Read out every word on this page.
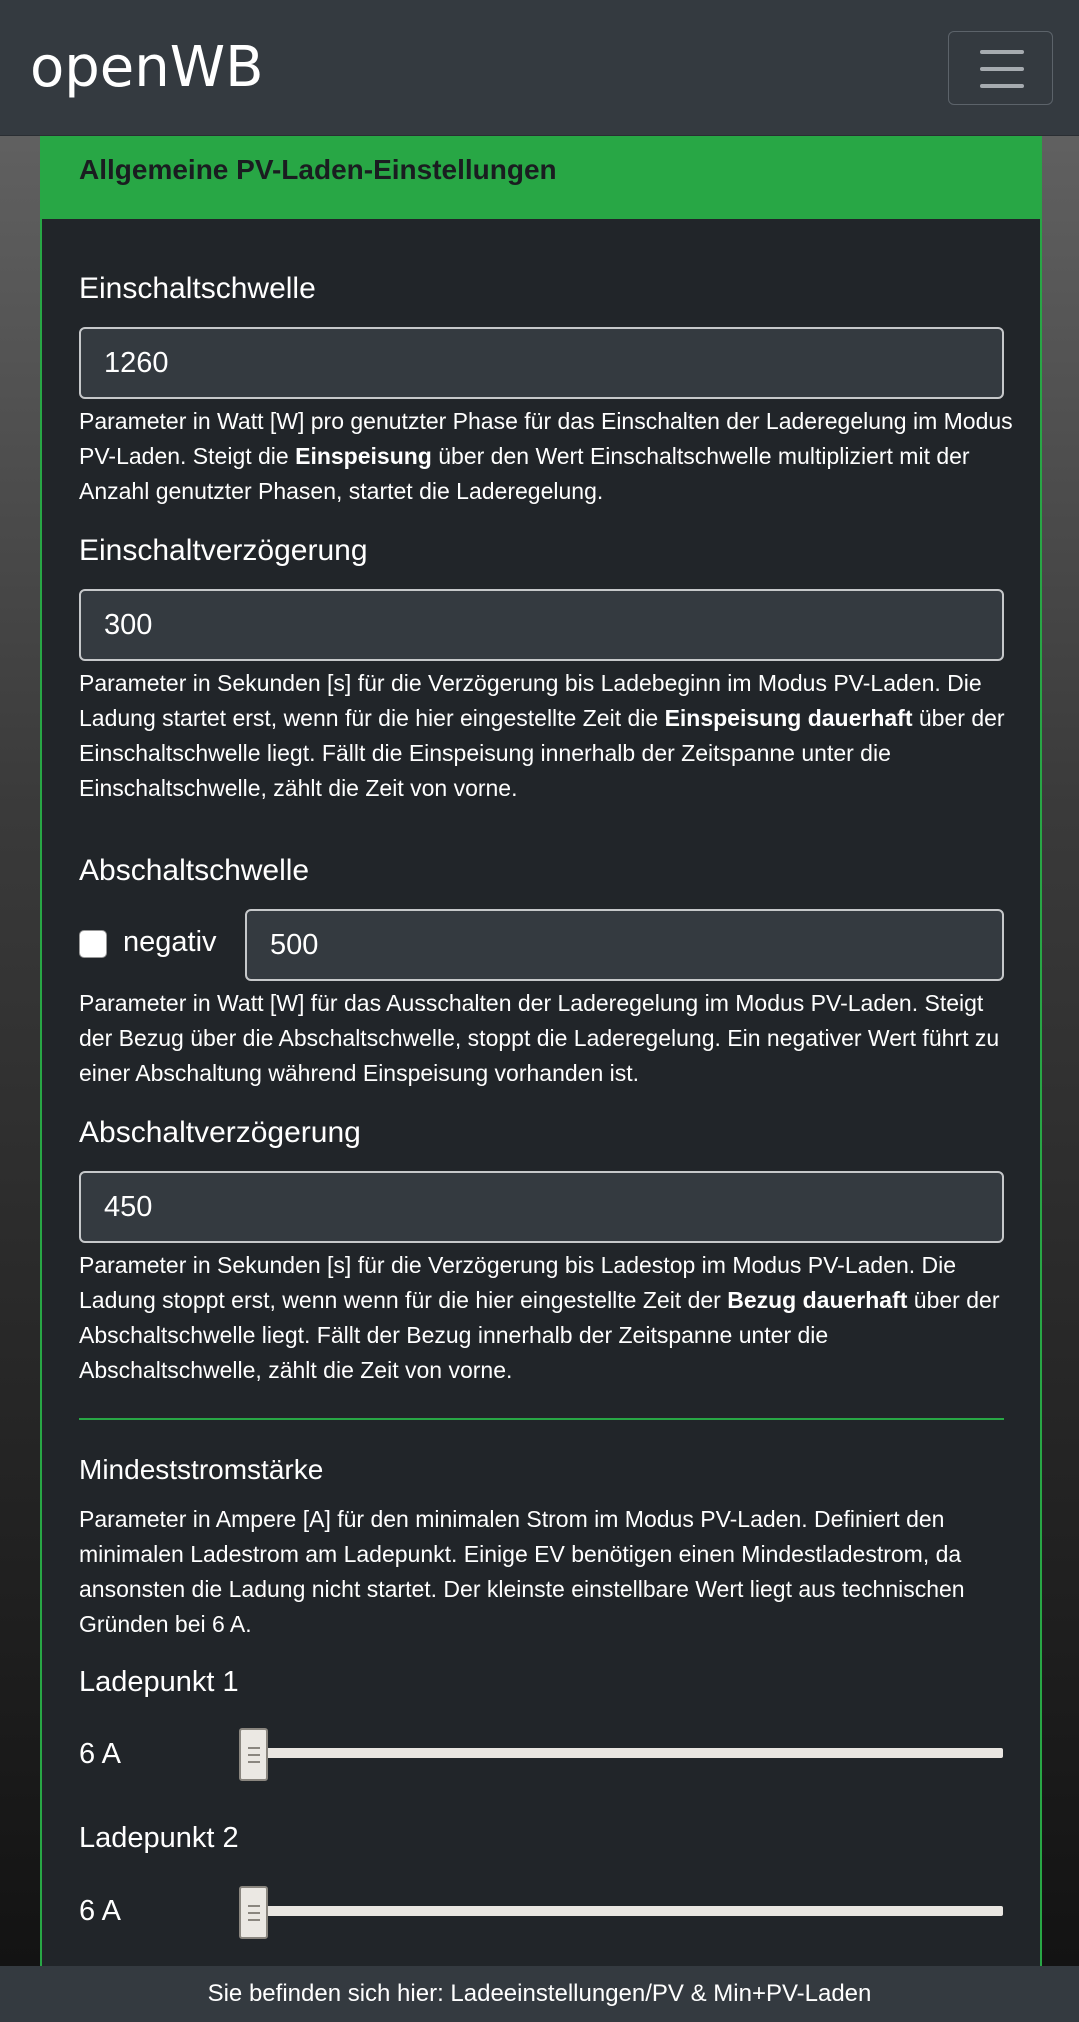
openWB
Allgemeine PV-Laden-Einstellungen
Einschaltschwelle
1260
Parameter in Watt [W] pro genutzter Phase für das Einschalten der Laderegelung im Modus PV-Laden. Steigt die Einspeisung über den Wert Einschaltschwelle multipliziert mit der Anzahl genutzter Phasen, startet die Laderegelung.
Einschaltverzögerung
300
Parameter in Sekunden [s] für die Verzögerung bis Ladebeginn im Modus PV-Laden. Die Ladung startet erst, wenn für die hier eingestellte Zeit die Einspeisung dauerhaft über der Einschaltschwelle liegt. Fällt die Einspeisung innerhalb der Zeitspanne unter die Einschaltschwelle, zählt die Zeit von vorne.
Abschaltschwelle
negativ	500
Parameter in Watt [W] für das Ausschalten der Laderegelung im Modus PV-Laden. Steigt der Bezug über die Abschaltschwelle, stoppt die Laderegelung. Ein negativer Wert führt zu einer Abschaltung während Einspeisung vorhanden ist.
Abschaltverzögerung
450
Parameter in Sekunden [s] für die Verzögerung bis Ladestop im Modus PV-Laden. Die Ladung stoppt erst, wenn wenn für die hier eingestellte Zeit der Bezug dauerhaft über der Abschaltschwelle liegt. Fällt der Bezug innerhalb der Zeitspanne unter die Abschaltschwelle, zählt die Zeit von vorne.
Mindeststromstärke
Parameter in Ampere [A] für den minimalen Strom im Modus PV-Laden. Definiert den minimalen Ladestrom am Ladepunkt. Einige EV benötigen einen Mindestladestrom, da ansonsten die Ladung nicht startet. Der kleinste einstellbare Wert liegt aus technischen Gründen bei 6 A.
Ladepunkt 1
6 A
Ladepunkt 2
6 A
Sie befinden sich hier: Ladeeinstellungen/PV & Min+PV-Laden
